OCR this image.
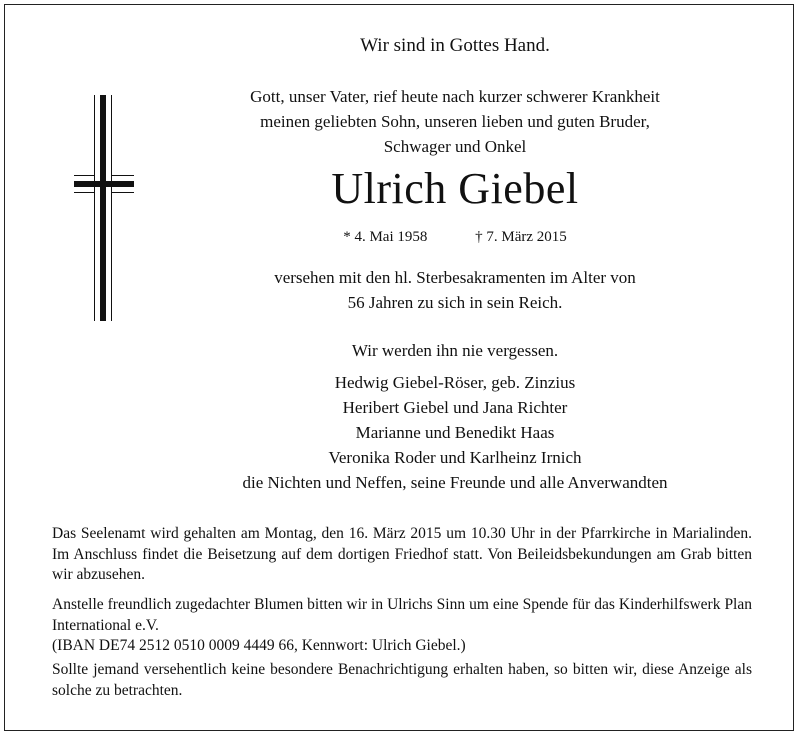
Wir sind in Gottes Hand.
Gott, unser Vater, rief heute nach kurzer schwerer Krankheit
meinen geliebten Sohn, unseren lieben und guten Bruder,
Schwager und Onkel
Ulrich Giebel
* 4. Mai 1958	† 7. März 2015
versehen mit den hl. Sterbesakramenten im Alter von
56 Jahren zu sich in sein Reich.
Wir werden ihn nie vergessen.
Hedwig Giebel-Röser, geb. Zinzius
Heribert Giebel und Jana Richter
Marianne und Benedikt Haas
Veronika Roder und Karlheinz Irnich
die Nichten und Neffen, seine Freunde und alle Anverwandten
Das Seelenamt wird gehalten am Montag, den 16. März 2015 um 10.30 Uhr in der Pfarrkirche in Marialinden. Im Anschluss findet die Beisetzung auf dem dortigen Friedhof statt. Von Beileidsbekundungen am Grab bitten wir abzusehen.
Anstelle freundlich zugedachter Blumen bitten wir in Ulrichs Sinn um eine Spende für das Kinderhilfswerk Plan International e.V.
(IBAN DE74 2512 0510 0009 4449 66, Kennwort: Ulrich Giebel.)
Sollte jemand versehentlich keine besondere Benachrichtigung erhalten haben, so bitten wir, diese Anzeige als solche zu betrachten.
